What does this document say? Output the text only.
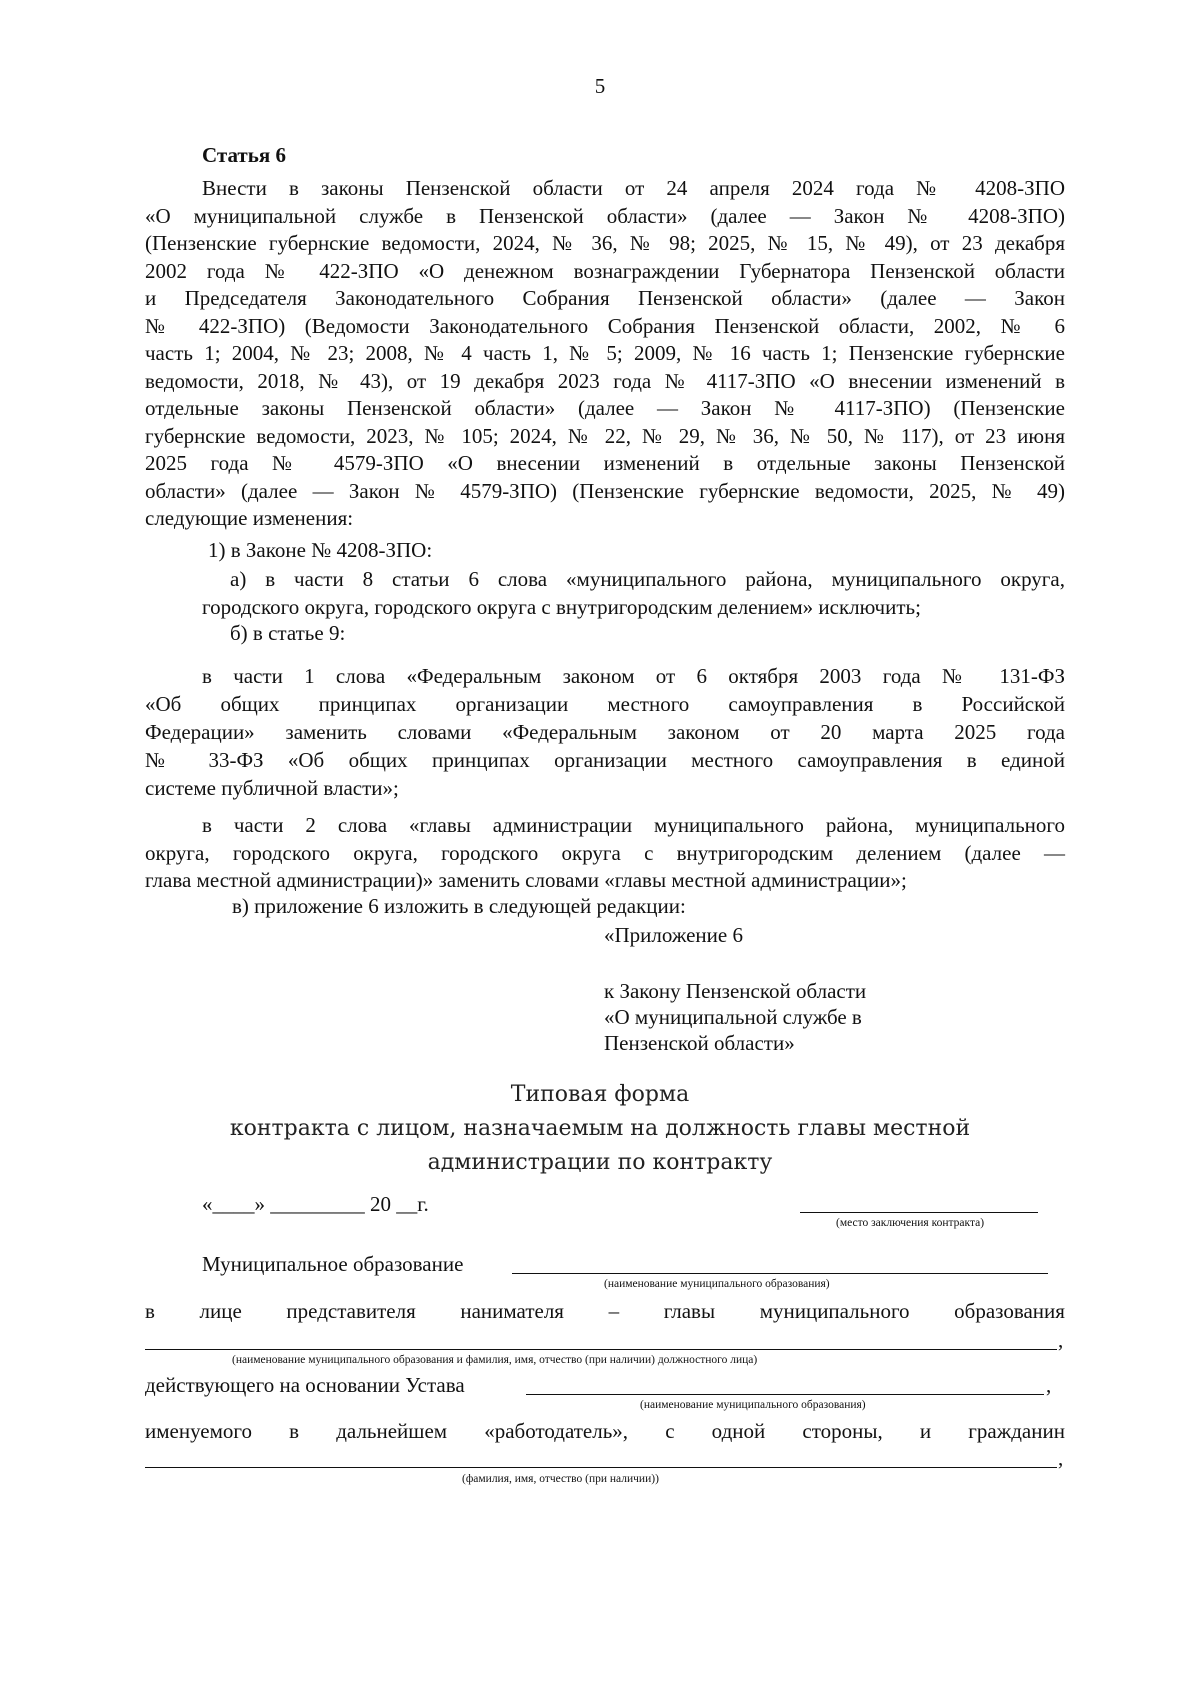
5
Статья 6
Внести в законы Пензенской области от 24 апреля 2024 года № 4208-ЗПО
«О муниципальной службе в Пензенской области» (далее — Закон № 4208-ЗПО)
(Пензенские губернские ведомости, 2024, № 36, № 98; 2025, № 15, № 49), от 23 декабря
2002 года № 422-ЗПО «О денежном вознаграждении Губернатора Пензенской области
и Председателя Законодательного Собрания Пензенской области» (далее — Закон
№ 422-ЗПО) (Ведомости Законодательного Собрания Пензенской области, 2002, № 6
часть 1; 2004, № 23; 2008, № 4 часть 1, № 5; 2009, № 16 часть 1; Пензенские губернские
ведомости, 2018, № 43), от 19 декабря 2023 года № 4117-ЗПО «О внесении изменений в
отдельные законы Пензенской области» (далее — Закон № 4117-ЗПО) (Пензенские
губернские ведомости, 2023, № 105; 2024, № 22, № 29, № 36, № 50, № 117), от 23 июня
2025 года № 4579-ЗПО «О внесении изменений в отдельные законы Пензенской
области» (далее — Закон № 4579-ЗПО) (Пензенские губернские ведомости, 2025, № 49)
следующие изменения:
1) в Законе № 4208-ЗПО:
а) в части 8 статьи 6 слова «муниципального района, муниципального округа,
городского округа, городского округа с внутригородским делением» исключить;
б) в статье 9:
в части 1 слова «Федеральным законом от 6 октября 2003 года № 131-ФЗ
«Об общих принципах организации местного самоуправления в Российской
Федерации» заменить словами «Федеральным законом от 20 марта 2025 года
№ 33-ФЗ «Об общих принципах организации местного самоуправления в единой
системе публичной власти»;
в части 2 слова «главы администрации муниципального района, муниципального
округа, городского округа, городского округа с внутригородским делением (далее —
глава местной администрации)» заменить словами «главы местной администрации»;
в) приложение 6 изложить в следующей редакции:
«Приложение 6
к Закону Пензенской области
«О муниципальной службе в
Пензенской области»
Типовая форма
контракта с лицом, назначаемым на должность главы местной
администрации по контракту
«____» _________ 20 __г.
(место заключения контракта)
Муниципальное образование
(наименование муниципального образования)
в лице представителя нанимателя – главы муниципального образования
,
(наименование муниципального образования и фамилия, имя, отчество (при наличии) должностного лица)
действующего на основании Устава	,
(наименование муниципального образования)
именуемого в дальнейшем «работодатель», с одной стороны, и гражданин
,
(фамилия, имя, отчество (при наличии))
